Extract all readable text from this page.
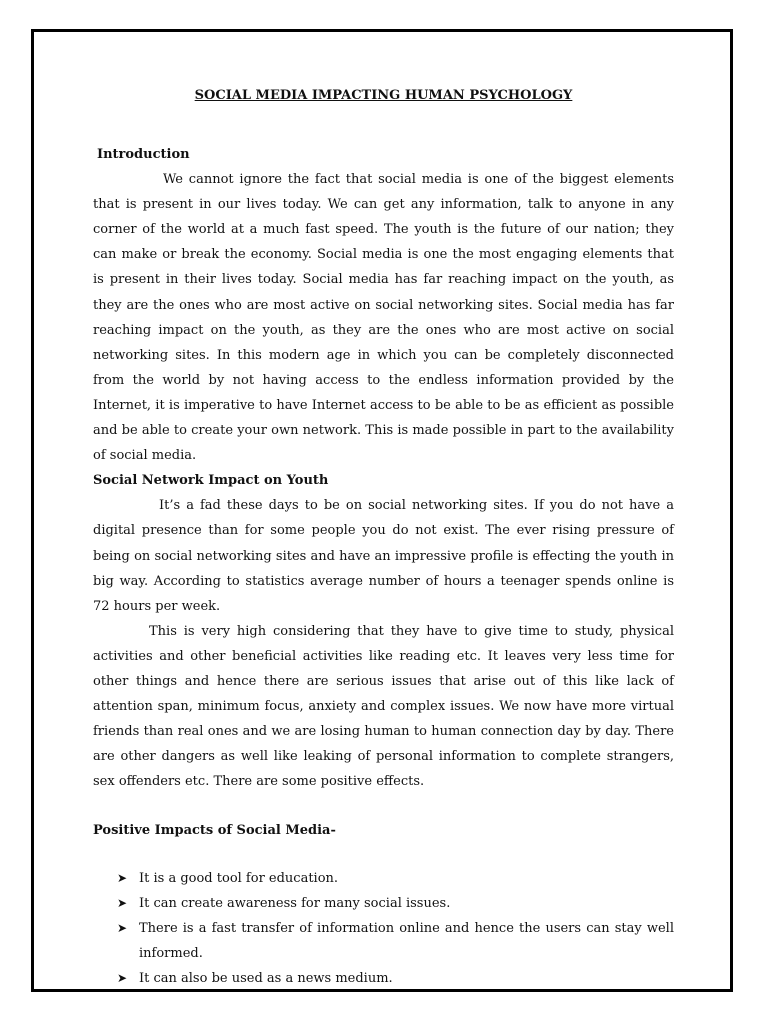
SOCIAL MEDIA IMPACTING HUMAN PSYCHOLOGY
Introduction

We cannot ignore the fact that social media is one of the biggest elements that is present in our lives today. We can get any information, talk to anyone in any corner of the world at a much fast speed. The youth is the future of our nation; they can make or break the economy. Social media is one the most engaging elements that is present in their lives today. Social media has far reaching impact on the youth, as they are the ones who are most active on social networking sites. Social media has far reaching impact on the youth, as they are the ones who are most active on social networking sites. In this modern age in which you can be completely disconnected from the world by not having access to the endless information provided by the Internet, it is imperative to have Internet access to be able to be as efficient as possible and be able to create your own network. This is made possible in part to the availability of social media.

Social Network Impact on Youth

It’s a fad these days to be on social networking sites. If you do not have a digital presence than for some people you do not exist. The ever rising pressure of being on social networking sites and have an impressive profile is effecting the youth in big way. According to statistics average number of hours a teenager spends online is 72 hours per week.

This is very high considering that they have to give time to study, physical activities and other beneficial activities like reading etc. It leaves very less time for other things and hence there are serious issues that arise out of this like lack of attention span, minimum focus, anxiety and complex issues. We now have more virtual friends than real ones and we are losing human to human connection day by day. There are other dangers as well like leaking of personal information to complete strangers, sex offenders etc. There are some positive effects.

Positive Impacts of Social Media-
➤ It is a good tool for education.
➤ It can create awareness for many social issues.
➤ There is a fast transfer of information online and hence the users can stay well informed.
➤ It can also be used as a news medium.
